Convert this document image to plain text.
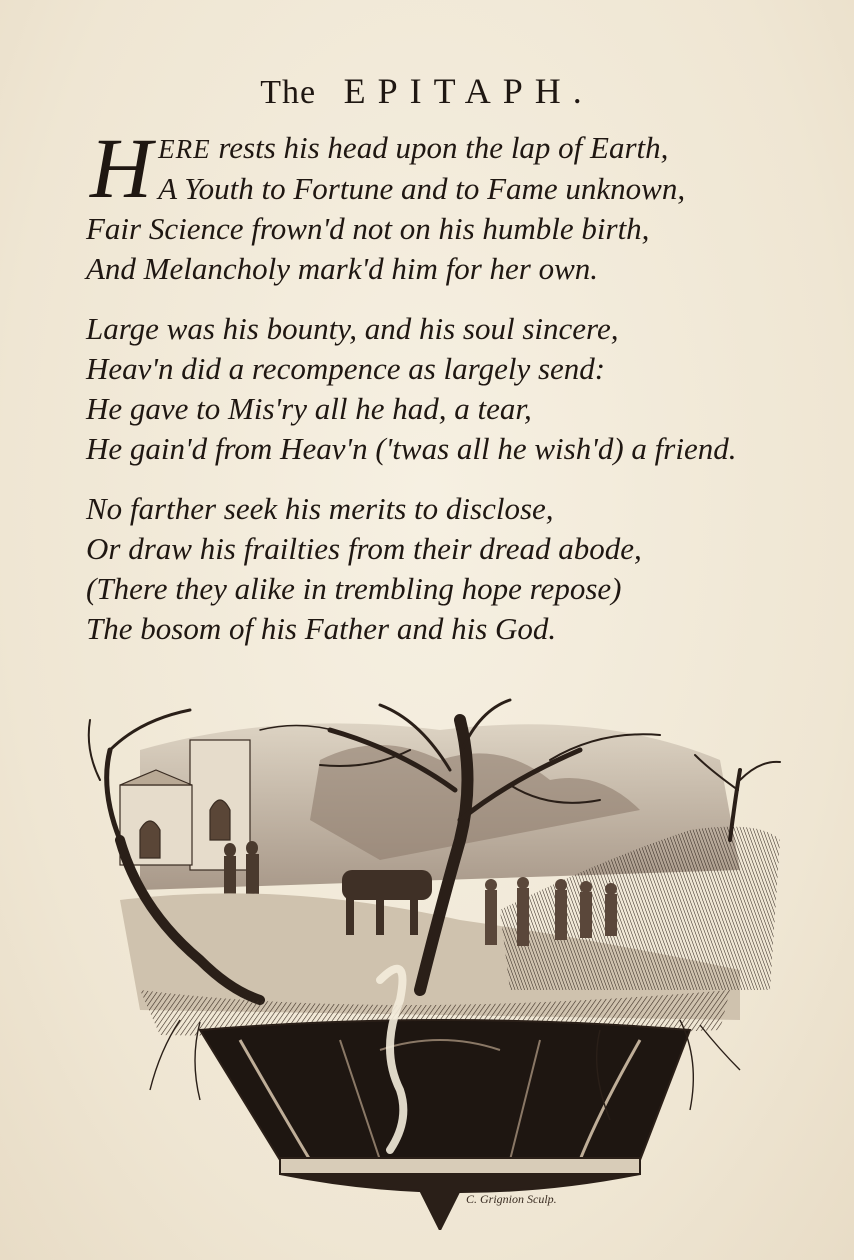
The EPITAPH.
H ERE rests his head upon the lap of Earth,
A Youth to Fortune and to Fame unknown,
Fair Science frown'd not on his humble birth,
And Melancholy mark'd him for her own.
Large was his bounty, and his soul sincere,
Heav'n did a recompence as largely send:
He gave to Mis'ry all he had, a tear,
He gain'd from Heav'n ('twas all he wish'd) a friend.
No farther seek his merits to disclose,
Or draw his frailties from their dread abode,
(There they alike in trembling hope repose)
The bosom of his Father and his God.
C. Grignion Sculp.
